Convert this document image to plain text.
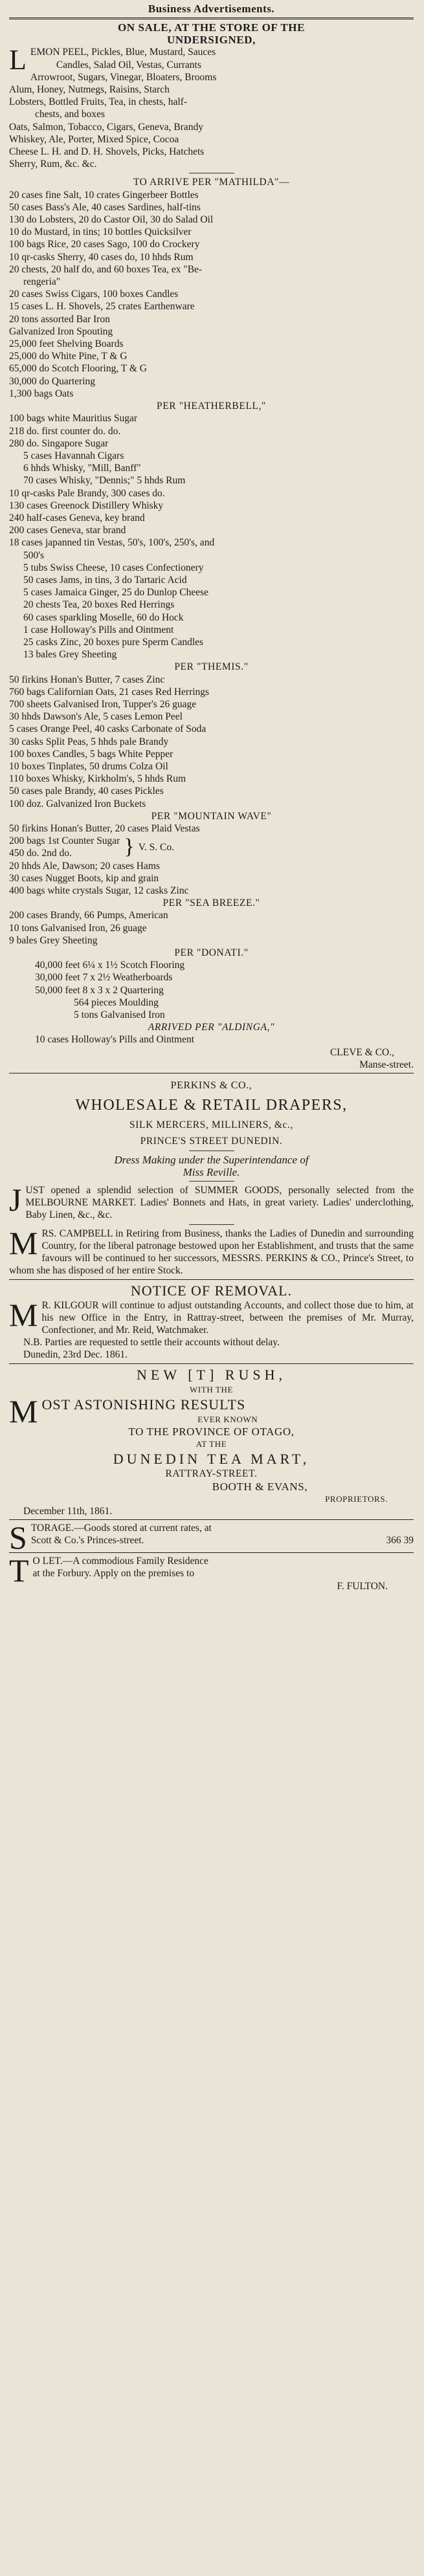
Business Advertisements.
ON SALE, AT THE STORE OF THE
UNDERSIGNED,
L EMON PEEL, Pickles, Blue, Mustard, Sauces
Candles, Salad Oil, Vestas, Currants
Arrowroot, Sugars, Vinegar, Bloaters, Brooms
Alum, Honey, Nutmegs, Raisins, Starch
Lobsters, Bottled Fruits, Tea, in chests, half-
chests, and boxes
Oats, Salmon, Tobacco, Cigars, Geneva, Brandy
Whiskey, Ale, Porter, Mixed Spice, Cocoa
Cheese L. H. and D. H. Shovels, Picks, Hatchets
Sherry, Rum, &c. &c.
TO ARRIVE PER "MATHILDA"—
20 cases fine Salt, 10 crates Gingerbeer Bottles
50 cases Bass's Ale, 40 cases Sardines, half-tins
130 do Lobsters, 20 do Castor Oil, 30 do Salad Oil
10 do Mustard, in tins; 10 bottles Quicksilver
100 bags Rice, 20 cases Sago, 100 do Crockery
10 qr-casks Sherry, 40 cases do, 10 hhds Rum
20 chests, 20 half do, and 60 boxes Tea, ex "Be-
rengeria"
20 cases Swiss Cigars, 100 boxes Candles
15 cases L. H. Shovels, 25 crates Earthenware
20 tons assorted Bar Iron
Galvanized Iron Spouting
25,000 feet Shelving Boards
25,000 do White Pine, T & G
65,000 do Scotch Flooring, T & G
30,000 do Quartering
1,300 bags Oats
PER "HEATHERBELL,"
100 bags white Mauritius Sugar
218 do. first counter do. do.
280 do. Singapore Sugar
5 cases Havannah Cigars
6 hhds Whisky, "Mill, Banff"
70 cases Whisky, "Dennis;" 5 hhds Rum
10 qr-casks Pale Brandy, 300 cases do.
130 cases Greenock Distillery Whisky
240 half-cases Geneva, key brand
200 cases Geneva, star brand
18 cases japanned tin Vestas, 50's, 100's, 250's, and
500's
5 tubs Swiss Cheese, 10 cases Confectionery
50 cases Jams, in tins, 3 do Tartaric Acid
5 cases Jamaica Ginger, 25 do Dunlop Cheese
20 chests Tea, 20 boxes Red Herrings
60 cases sparkling Moselle, 60 do Hock
1 case Holloway's Pills and Ointment
25 casks Zinc, 20 boxes pure Sperm Candles
13 bales Grey Sheeting
PER "THEMIS."
50 firkins Honan's Butter, 7 cases Zinc
760 bags Californian Oats, 21 cases Red Herrings
700 sheets Galvanised Iron, Tupper's 26 guage
30 hhds Dawson's Ale, 5 cases Lemon Peel
5 cases Orange Peel, 40 casks Carbonate of Soda
30 casks Split Peas, 5 hhds pale Brandy
100 boxes Candles, 5 bags White Pepper
10 boxes Tinplates, 50 drums Colza Oil
110 boxes Whisky, Kirkholm's, 5 hhds Rum
50 cases pale Brandy, 40 cases Pickles
100 doz. Galvanized Iron Buckets
PER "MOUNTAIN WAVE"
50 firkins Honan's Butter, 20 cases Plaid Vestas
200 bags 1st Counter Sugar
450 do. 2nd do.	} V. S. Co.
20 hhds Ale, Dawson; 20 cases Hams
30 cases Nugget Boots, kip and grain
400 bags white crystals Sugar, 12 casks Zinc
PER "SEA BREEZE."
200 cases Brandy, 66 Pumps, American
10 tons Galvanised Iron, 26 guage
9 bales Grey Sheeting
PER "DONATI."
40,000 feet 6¼ x 1½ Scotch Flooring
30,000 feet 7 x 2½ Weatherboards
50,000 feet 8 x 3 x 2 Quartering
564 pieces Moulding
5 tons Galvanised Iron
ARRIVED PER "ALDINGA,"
10 cases Holloway's Pills and Ointment
CLEVE & CO.,
Manse-street.
PERKINS & CO.,
WHOLESALE & RETAIL DRAPERS,
SILK MERCERS, MILLINERS, &c.,
PRINCE'S STREET DUNEDIN.
Dress Making under the Superintendance of
Miss Reville.
JUST opened a splendid selection of SUMMER GOODS, personally selected from the MELBOURNE MARKET. Ladies' Bonnets and Hats, in great variety. Ladies' underclothing, Baby Linen, &c., &c.
MRS. CAMPBELL in Retiring from Business, thanks the Ladies of Dunedin and surrounding Country, for the liberal patronage bestowed upon her Establishment, and trusts that the same favours will be continued to her successors, MESSRS. PERKINS & CO., Prince's Street, to whom she has disposed of her entire Stock.
NOTICE OF REMOVAL.
M R. KILGOUR will continue to adjust outstanding Accounts, and collect those due to him, at his new Office in the Entry, in Rattray-street, between the premises of Mr. Murray, Confectioner, and Mr. Reid, Watchmaker.
N.B. Parties are requested to settle their accounts without delay.
Dunedin, 23rd Dec. 1861.
NEW [T] RUSH,
WITH THE
M OST ASTONISHING RESULTS
EVER KNOWN
TO THE PROVINCE OF OTAGO,
AT THE
DUNEDIN TEA MART,
RATTRAY-STREET.
BOOTH & EVANS,
PROPRIETORS.
December 11th, 1861.
S TORAGE.—Goods stored at current rates, at
Scott & Co.'s Princes-street.	366 39
T O LET.—A commodious Family Residence
at the Forbury. Apply on the premises to
F. FULTON.
